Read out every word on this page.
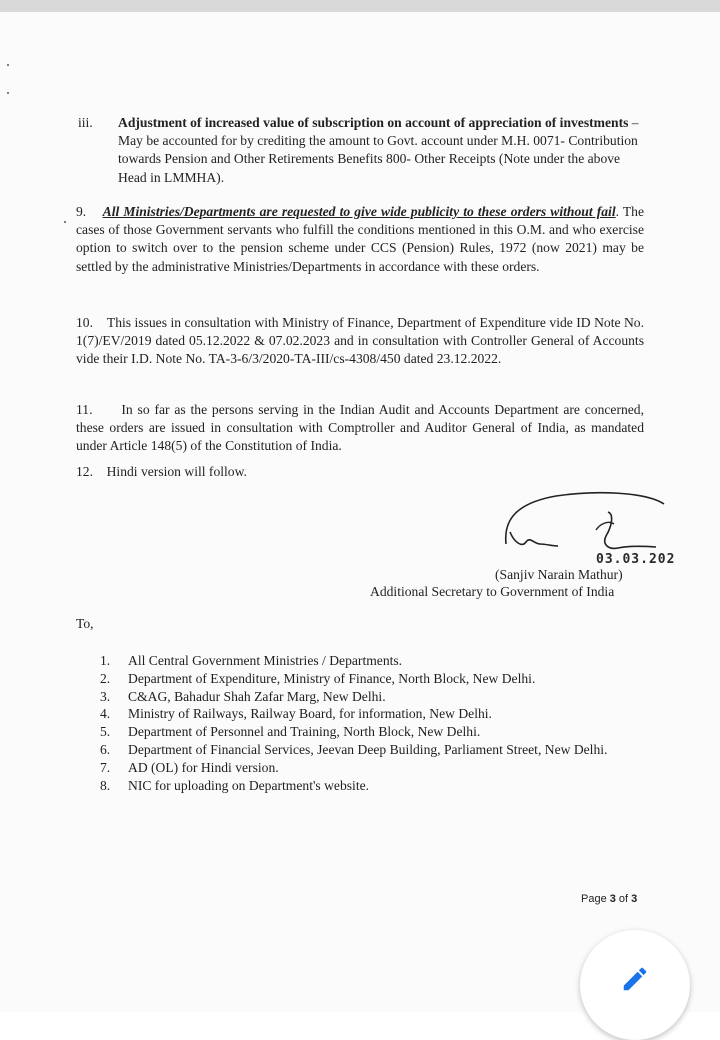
iii. Adjustment of increased value of subscription on account of appreciation of investments – May be accounted for by crediting the amount to Govt. account under M.H. 0071- Contribution towards Pension and Other Retirements Benefits 800- Other Receipts (Note under the above Head in LMMHA).
9. All Ministries/Departments are requested to give wide publicity to these orders without fail. The cases of those Government servants who fulfill the conditions mentioned in this O.M. and who exercise option to switch over to the pension scheme under CCS (Pension) Rules, 1972 (now 2021) may be settled by the administrative Ministries/Departments in accordance with these orders.
10. This issues in consultation with Ministry of Finance, Department of Expenditure vide ID Note No. 1(7)/EV/2019 dated 05.12.2022 & 07.02.2023 and in consultation with Controller General of Accounts vide their I.D. Note No. TA-3-6/3/2020-TA-III/cs-4308/450 dated 23.12.2022.
11. In so far as the persons serving in the Indian Audit and Accounts Department are concerned, these orders are issued in consultation with Comptroller and Auditor General of India, as mandated under Article 148(5) of the Constitution of India.
12. Hindi version will follow.
03.03.202
(Sanjiv Narain Mathur)
Additional Secretary to Government of India
To,
1. All Central Government Ministries / Departments.
2. Department of Expenditure, Ministry of Finance, North Block, New Delhi.
3. C&AG, Bahadur Shah Zafar Marg, New Delhi.
4. Ministry of Railways, Railway Board, for information, New Delhi.
5. Department of Personnel and Training, North Block, New Delhi.
6. Department of Financial Services, Jeevan Deep Building, Parliament Street, New Delhi.
7. AD (OL) for Hindi version.
8. NIC for uploading on Department's website.
Page 3 of 3
